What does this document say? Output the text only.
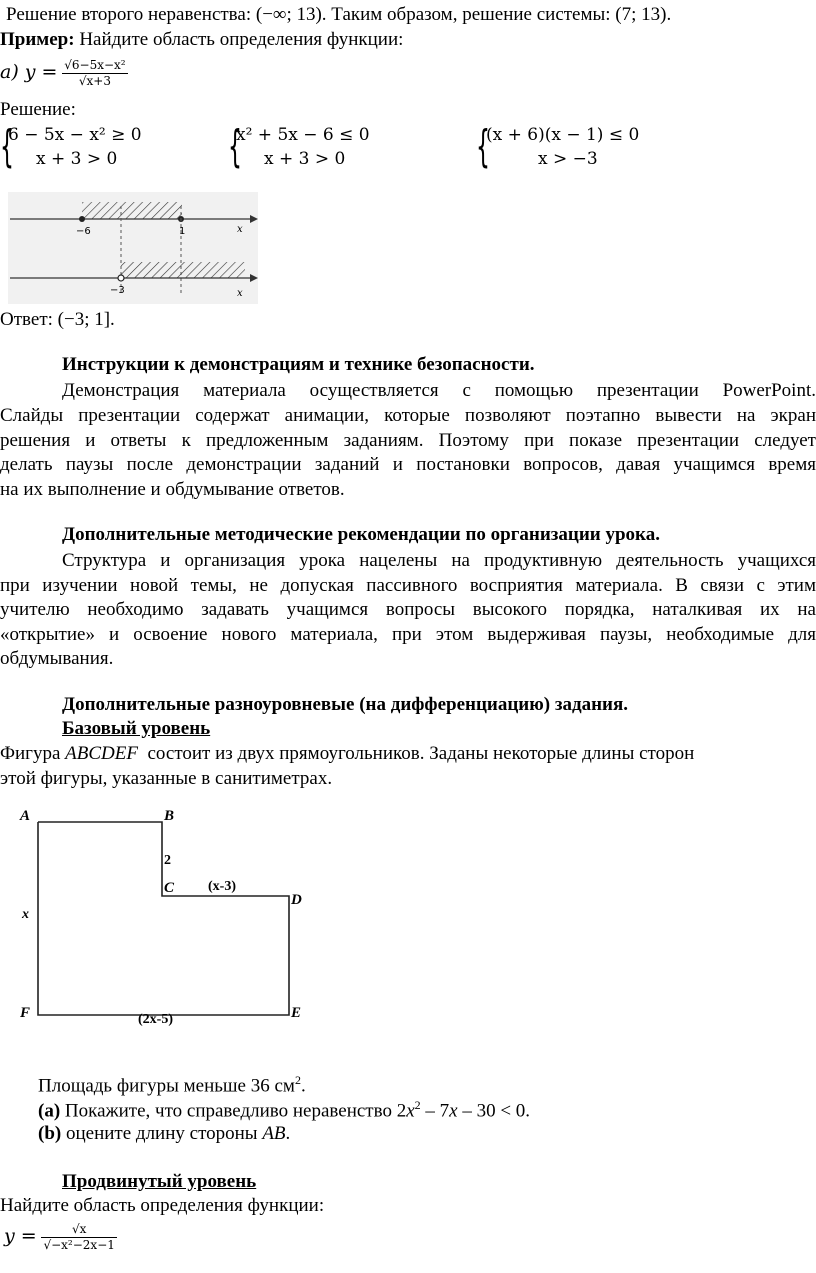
Решение второго неравенства: (−∞; 13). Таким образом, решение системы: (7; 13).
Пример: Найдите область определения функции:
а) $y = \frac{\text{√6−5x−x²}}{√x+3}$
Решение:
{
6 − 5x − x² ≥ 0
x + 3 > 0	{
x² + 5x − 6 ≤ 0
x + 3 > 0	{
(x + 6)(x − 1) ≤ 0
x > −3
−6	1	x
−3	x
Ответ: (−3; 1].
Инструкции к демонстрациям и технике безопасности.
Демонстрация материала осуществляется с помощью презентации PowerPoint.
Слайды презентации содержат анимации, которые позволяют поэтапно вывести на экран
решения и ответы к предложенным заданиям. Поэтому при показе презентации следует
делать паузы после демонстрации заданий и постановки вопросов, давая учащимся время
на их выполнение и обдумывание ответов.
Дополнительные методические рекомендации по организации урока.
Структура и организация урока нацелены на продуктивную деятельность учащихся
при изучении новой темы, не допуская пассивного восприятия материала. В связи с этим
учителю необходимо задавать учащимся вопросы высокого порядка, наталкивая их на
«открытие» и освоение нового материала, при этом выдерживая паузы, необходимые для
обдумывания.
Дополнительные разноуровневые (на дифференциацию) задания.
Базовый уровень
Фигура ABCDEF состоит из двух прямоугольников. Заданы некоторые длины сторон
этой фигуры, указанные в санитиметрах.
A	B
C
D
E
F
2
(x-3)
x
(2x-5)
Площадь фигуры меньше 36 $см^2$.
(a) Покажите, что справедливо неравенство $2x^2 - 7x - 30 < 0$.
(b) оцените длину стороны AB.
Продвинутый уровень
Найдите область определения функции:
$y = \frac{√x}{\text{√−x²−2x−1}}$
